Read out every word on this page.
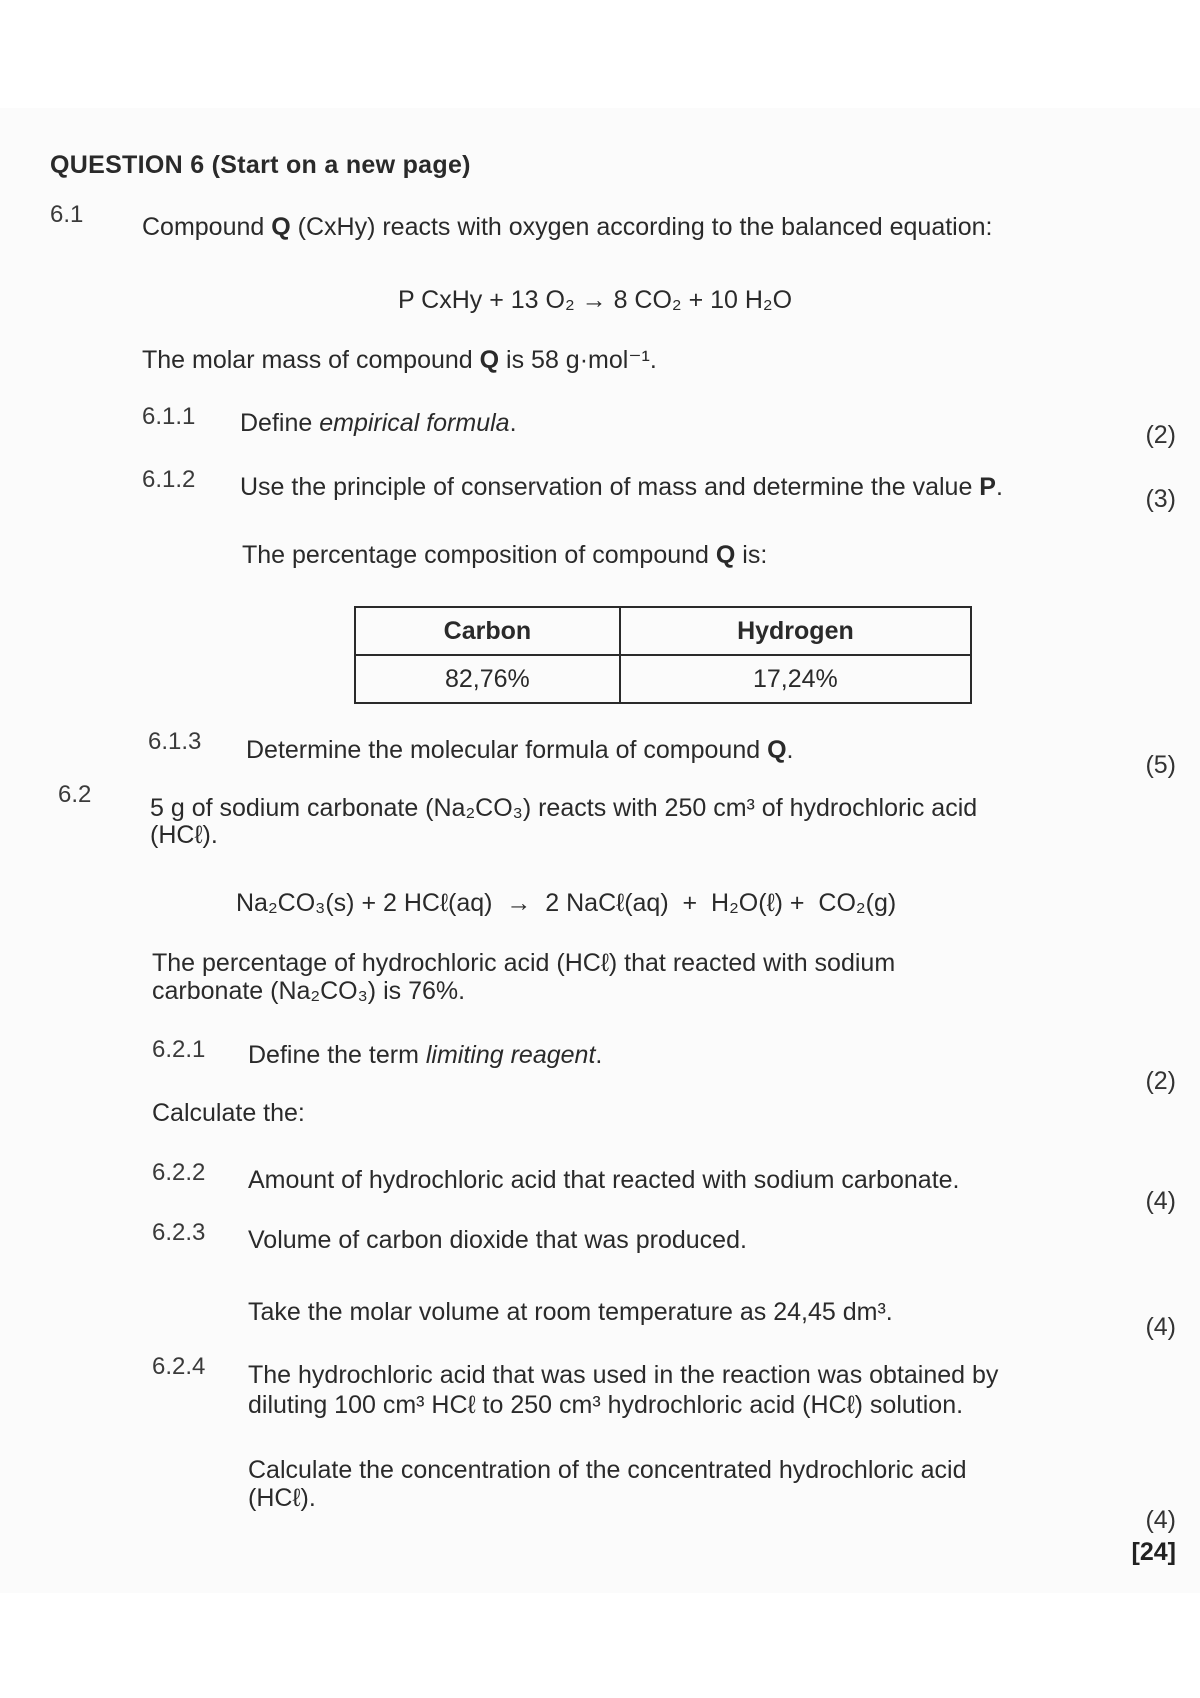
QUESTION 6 (Start on a new page)
6.1 Compound Q (CxHy) reacts with oxygen according to the balanced equation:
P CxHy + 13 O₂ → 8 CO₂ + 10 H₂O
The molar mass of compound Q is 58 g·mol⁻¹.
6.1.1 Define empirical formula.	(2)
6.1.2 Use the principle of conservation of mass and determine the value P.	(3)
The percentage composition of compound Q is:
Carbon	Hydrogen
82,76%	17,24%
6.1.3 Determine the molecular formula of compound Q.
(5)
6.2 5 g of sodium carbonate (Na₂CO₃) reacts with 250 cm³ of hydrochloric acid
(HCℓ).
Na₂CO₃(s) + 2 HCℓ(aq)  →  2 NaCℓ(aq)  +  H₂O(ℓ) +  CO₂(g)
The percentage of hydrochloric acid (HCℓ) that reacted with sodium
carbonate (Na₂CO₃) is 76%.
6.2.1 Define the term limiting reagent.
(2)
Calculate the:
6.2.2 Amount of hydrochloric acid that reacted with sodium carbonate.
(4)
6.2.3 Volume of carbon dioxide that was produced.
Take the molar volume at room temperature as 24,45 dm³.
(4)
6.2.4 The hydrochloric acid that was used in the reaction was obtained by
diluting 100 cm³ HCℓ to 250 cm³ hydrochloric acid (HCℓ) solution.
Calculate the concentration of the concentrated hydrochloric acid
(HCℓ).
(4)
[24]
